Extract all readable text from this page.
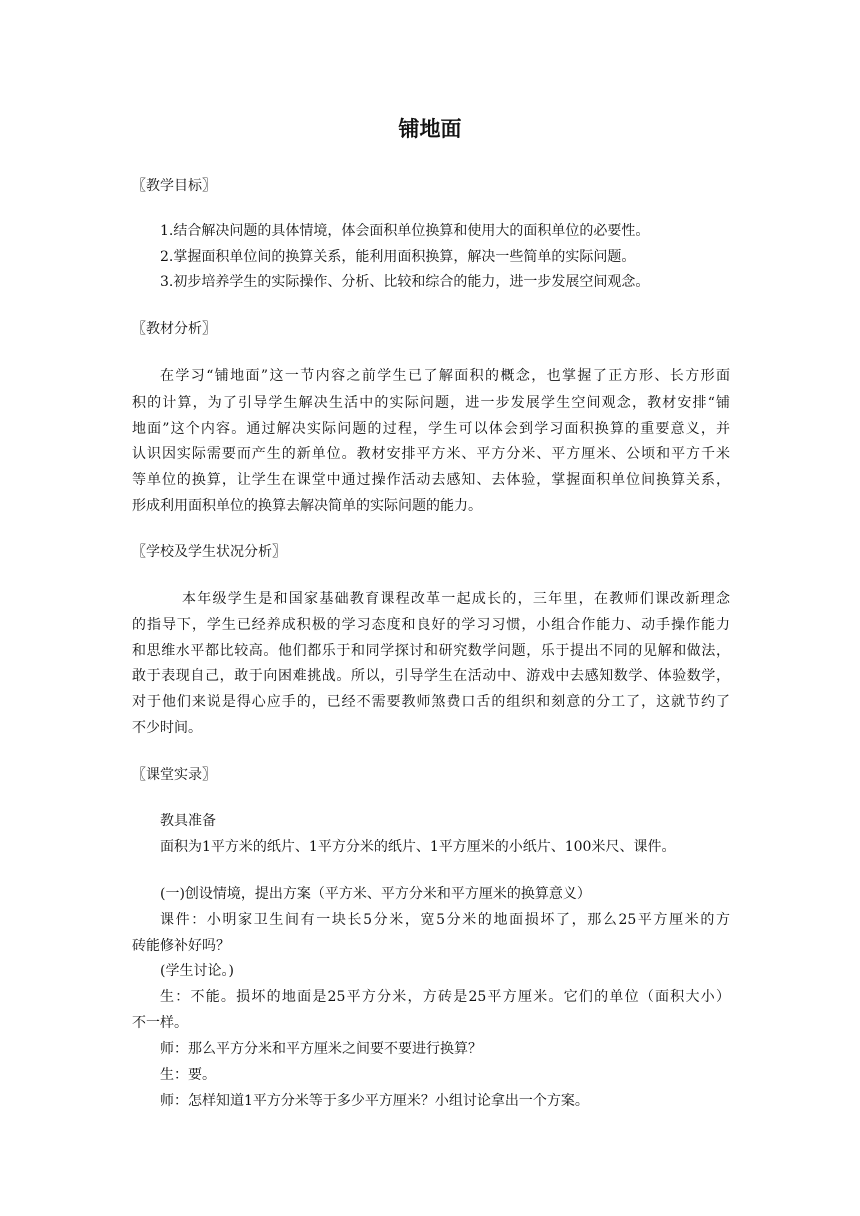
铺地面
〖教学目标〗
1.结合解决问题的具体情境，体会面积单位换算和使用大的面积单位的必要性。
2.掌握面积单位间的换算关系，能利用面积换算，解决一些简单的实际问题。
3.初步培养学生的实际操作、分析、比较和综合的能力，进一步发展空间观念。
〖教材分析〗
在学习“铺地面”这一节内容之前学生已了解面积的概念，也掌握了正方形、长方形面
积的计算，为了引导学生解决生活中的实际问题，进一步发展学生空间观念，教材安排“铺
地面”这个内容。通过解决实际问题的过程，学生可以体会到学习面积换算的重要意义，并
认识因实际需要而产生的新单位。教材安排平方米、平方分米、平方厘米、公顷和平方千米
等单位的换算，让学生在课堂中通过操作活动去感知、去体验，掌握面积单位间换算关系，
形成利用面积单位的换算去解决简单的实际问题的能力。
〖学校及学生状况分析〗
本年级学生是和国家基础教育课程改革一起成长的，三年里，在教师们课改新理念
的指导下，学生已经养成积极的学习态度和良好的学习习惯，小组合作能力、动手操作能力
和思维水平都比较高。他们都乐于和同学探讨和研究数学问题，乐于提出不同的见解和做法，
敢于表现自己，敢于向困难挑战。所以，引导学生在活动中、游戏中去感知数学、体验数学，
对于他们来说是得心应手的，已经不需要教师煞费口舌的组织和刻意的分工了，这就节约了
不少时间。
〖课堂实录〗
教具准备
面积为1平方米的纸片、1平方分米的纸片、1平方厘米的小纸片、100米尺、课件。
(一)创设情境，提出方案（平方米、平方分米和平方厘米的换算意义）
课件：小明家卫生间有一块长5分米，宽5分米的地面损坏了，那么25平方厘米的方
砖能修补好吗？
(学生讨论。)
生：不能。损坏的地面是25平方分米，方砖是25平方厘米。它们的单位（面积大小）
不一样。
师：那么平方分米和平方厘米之间要不要进行换算？
生：要。
师：怎样知道1平方分米等于多少平方厘米？小组讨论拿出一个方案。
